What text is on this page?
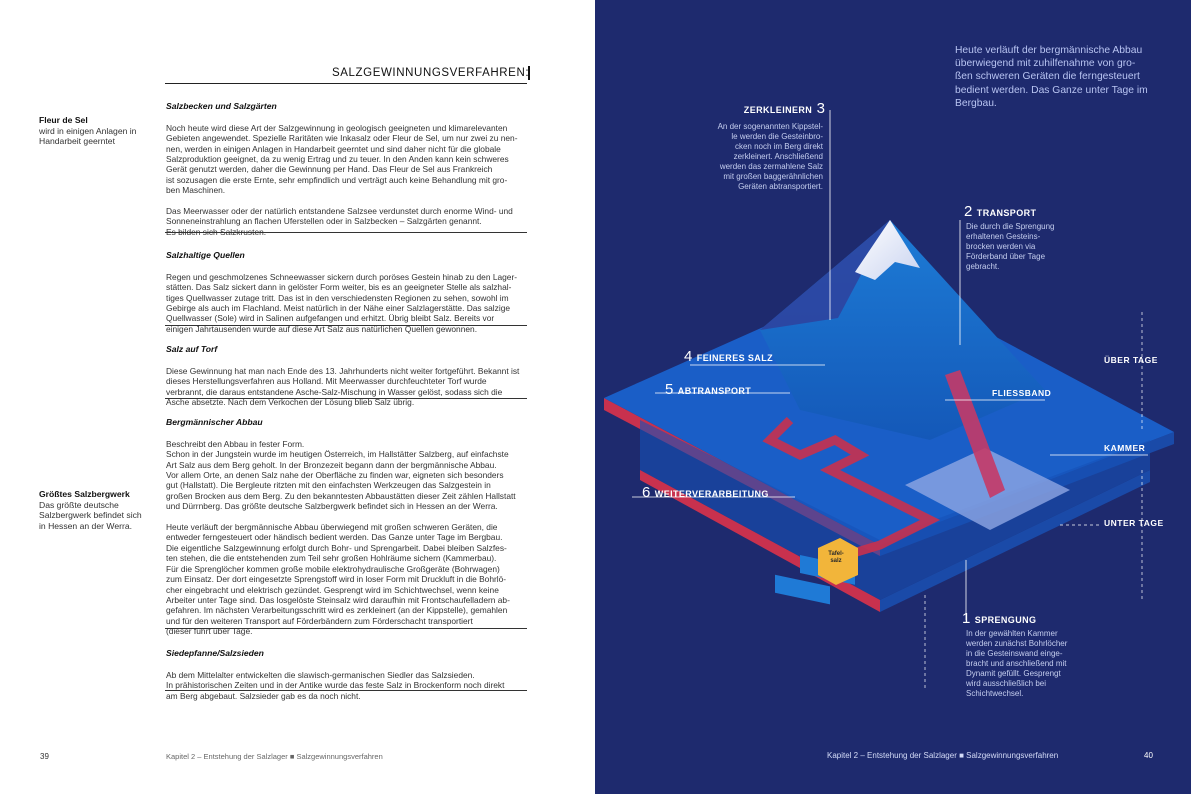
SALZGEWINNUNGSVERFAHREN:
Fleur de Sel
wird in einigen Anlagen in Handarbeit geerntet
Größtes Salzbergwerk
Das größte deutsche Salzbergwerk befindet sich in Hessen an der Werra.

Salzbecken und Salzgärten

Noch heute wird diese Art der Salzgewinnung in geologisch geeigneten und klimarelevanten
Gebieten angewendet. Spezielle Raritäten wie Inkasalz oder Fleur de Sel, um nur zwei zu nen-
nen, werden in einigen Anlagen in Handarbeit geerntet und sind daher nicht für die globale
Salzproduktion geeignet, da zu wenig Ertrag und zu teuer. In den Anden kann kein schweres
Gerät genutzt werden, daher die Gewinnung per Hand. Das Fleur de Sel aus Frankreich
ist sozusagen die erste Ernte, sehr empfindlich und verträgt auch keine Behandlung mit gro-
ben Maschinen.

Das Meerwasser oder der natürlich entstandene Salzsee verdunstet durch enorme Wind- und
Sonneneinstrahlung an flachen Uferstellen oder in Salzbecken – Salzgärten genannt.
Es bilden sich Salzkrusten.

Salzhaltige Quellen

Regen und geschmolzenes Schneewasser sickern durch poröses Gestein hinab zu den Lager-
stätten. Das Salz sickert dann in gelöster Form weiter, bis es an geeigneter Stelle als salzhal-
tiges Quellwasser zutage tritt. Das ist in den verschiedensten Regionen zu sehen, sowohl im
Gebirge als auch im Flachland. Meist natürlich in der Nähe einer Salzlagerstätte. Das salzige
Quellwasser (Sole) wird in Salinen aufgefangen und erhitzt. Übrig bleibt Salz. Bereits vor
einigen Jahrtausenden wurde auf diese Art Salz aus natürlichen Quellen gewonnen.

Salz auf Torf

Diese Gewinnung hat man nach Ende des 13. Jahrhunderts nicht weiter fortgeführt. Bekannt ist
dieses Herstellungsverfahren aus Holland. Mit Meerwasser durchfeuchteter Torf wurde
verbrannt, die daraus entstandene Asche-Salz-Mischung in Wasser gelöst, sodass sich die
Asche absetzte. Nach dem Verkochen der Lösung blieb Salz übrig.

Bergmännischer Abbau

Beschreibt den Abbau in fester Form.
Schon in der Jungstein wurde im heutigen Österreich, im Hallstätter Salzberg, auf einfachste
Art Salz aus dem Berg geholt. In der Bronzezeit begann dann der bergmännische Abbau.
Vor allem Orte, an denen Salz nahe der Oberfläche zu finden war, eigneten sich besonders
gut (Hallstatt). Die Bergleute ritzten mit den einfachsten Werkzeugen das Salzgestein in
großen Brocken aus dem Berg. Zu den bekanntesten Abbaustätten dieser Zeit zählen Hallstatt
und Dürrnberg. Das größte deutsche Salzbergwerk befindet sich in Hessen an der Werra.

Heute verläuft der bergmännische Abbau überwiegend mit großen schweren Geräten, die
entweder ferngesteuert oder händisch bedient werden. Das Ganze unter Tage im Bergbau.
Die eigentliche Salzgewinnung erfolgt durch Bohr- und Sprengarbeit. Dabei bleiben Salzfes-
ten stehen, die die entstehenden zum Teil sehr großen Hohlräume sichern (Kammerbau).
Für die Sprenglöcher kommen große mobile elektrohydraulische Großgeräte (Bohrwagen)
zum Einsatz. Der dort eingesetzte Sprengstoff wird in loser Form mit Druckluft in die Bohrlö-
cher eingebracht und elektrisch gezündet. Gesprengt wird im Schichtwechsel, wenn keine
Arbeiter unter Tage sind. Das losgelöste Steinsalz wird daraufhin mit Frontschaufelladern ab-
gefahren. Im nächsten Verarbeitungsschritt wird es zerkleinert (an der Kippstelle), gemahlen
und für den weiteren Transport auf Förderbändern zum Förderschacht transportiert
(dieser führt über Tage.

Siedepfanne/Salzsieden

Ab dem Mittelalter entwickelten die slawisch-germanischen Siedler das Salzsieden.
In prähistorischen Zeiten und in der Antike wurde das feste Salz in Brockenform noch direkt
am Berg abgebaut. Salzsieder gab es da noch nicht.

39	Kapitel 2 – Entstehung der Salzlager ■ Salzgewinnungsverfahren
Heute verläuft der bergmännische Abbau
überwiegend mit zuhilfenahme von gro-
ßen schweren Geräten die ferngesteuert
bedient werden. Das Ganze unter Tage im
Bergbau.
ZERKLEINERN 3
An der sogenannten Kippstel-
le werden die Gesteinbro-
cken noch im Berg direkt
zerkleinert. Anschließend
werden das zermahlene Salz
mit großen baggerähnlichen
Geräten abtransportiert.
2 TRANSPORT
Die durch die Sprengung
erhaltenen Gesteins-
brocken werden via
Förderband über Tage
gebracht.
4 FEINERES SALZ
5 ABTRANSPORT
6 WEITERVERARBEITUNG
1 SPRENGUNG
In der gewählten Kammer
werden zunächst Bohrlöcher
in die Gesteinswand einge-
bracht und anschließend mit
Dynamit gefüllt. Gesprengt
wird ausschließlich bei
Schichtwechsel.
FLIESSBAND
ÜBER TAGE
KAMMER
UNTER TAGE
Tafel-
salz
Kapitel 2 – Entstehung der Salzlager ■ Salzgewinnungsverfahren	40
